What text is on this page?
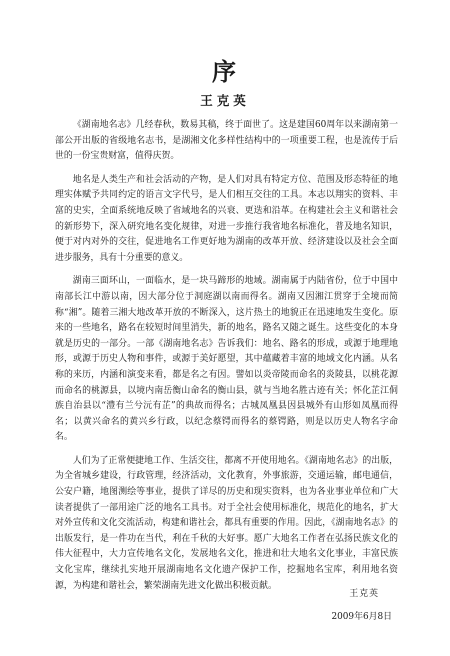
序
王克英

《湖南地名志》几经春秋，数易其稿，终于面世了。这是建国60周年以来湖南第一部公开出版的省级地名志书，是湖湘文化多样性结构中的一项重要工程，也是流传于后世的一份宝贵财富，值得庆贺。

地名是人类生产和社会活动的产物，是人们对具有特定方位、范围及形态特征的地理实体赋予共同约定的语言文字代号，是人们相互交往的工具。本志以翔实的资料、丰富的史实，全面系统地反映了省域地名的兴衰、更迭和沿革。在构建社会主义和谐社会的新形势下，深入研究地名变化规律，对进一步推行我省地名标准化，普及地名知识，便于对内对外的交往，促进地名工作更好地为湖南的改革开放、经济建设以及社会全面进步服务，具有十分重要的意义。

湖南三面环山，一面临水，是一块马蹄形的地域。湖南属于内陆省份，位于中国中南部长江中游以南，因大部分位于洞庭湖以南而得名。湖南又因湘江贯穿于全境而简称“湘”。随着三湘大地改革开放的不断深入，这片热土的地貌正在迅速地发生变化。原来的一些地名，路名在较短时间里消失，新的地名，路名又随之诞生。这些变化的本身就是历史的一部分。一部《湖南地名志》告诉我们：地名、路名的形成，或源于地理地形，或源于历史人物和事件，或源于美好愿望，其中蕴藏着丰富的地域文化内涵。从名称的来历，内涵和演变来看，都是名之有因。譬如以炎帝陵而命名的炎陵县，以桃花源而命名的桃源县，以境内南岳衡山命名的衡山县，就与当地名胜古迹有关；怀化芷江侗族自治县以“澧有兰兮沅有芷”的典故而得名；古城凤凰县因县城外有山形如凤凰而得名；以黄兴命名的黄兴乡行政，以纪念蔡锷而得名的蔡锷路，则是以历史人物名字命名。

人们为了正常便捷地工作、生活交往，都离不开使用地名。《湖南地名志》的出版，为全省城乡建设，行政管理，经济活动，文化教育，外事旅游，交通运输，邮电通信，公安户籍，地图测绘等事业，提供了详尽的历史和现实资料，也为各业事业单位和广大读者提供了一部用途广泛的地名工具书。对于全社会使用标准化，规范化的地名，扩大对外宣传和文化交流活动，构建和谐社会，都具有重要的作用。因此，《湖南地名志》的出版发行，是一件功在当代，利在千秋的大好事。愿广大地名工作者在弘扬民族文化的伟大征程中，大力宣传地名文化，发展地名文化，推进和壮大地名文化事业，丰富民族文化宝库，继续扎实地开展湖南地名文化遗产保护工作，挖掘地名宝库，利用地名资源，为构建和谐社会，繁荣湖南先进文化做出积极贡献。

王克英
2009年6月8日
